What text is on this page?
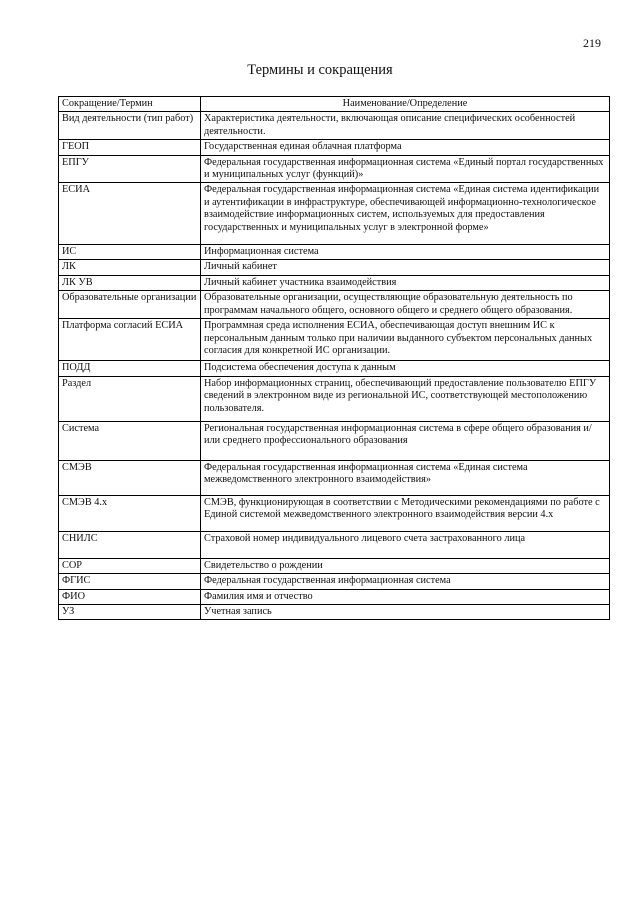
219
Термины и сокращения
Сокращение/Термин	Наименование/Определение
Вид деятельности (тип работ)	Характеристика деятельности, включающая описание специфических особенностей деятельности.
ГЕОП	Государственная единая облачная платформа
ЕПГУ	Федеральная государственная информационная система «Единый портал государственных и муниципальных услуг (функций)»
ЕСИА	Федеральная государственная информационная система «Единая система идентификации и аутентификации в инфраструктуре, обеспечивающей информационно-технологическое взаимодействие информационных систем, используемых для предоставления государственных и муниципальных услуг в электронной форме»
ИС	Информационная система
ЛК	Личный кабинет
ЛК УВ	Личный кабинет участника взаимодействия
Образовательные организации	Образовательные организации, осуществляющие образовательную деятельность по программам начального общего, основного общего и среднего общего образования.
Платформа согласий ЕСИА	Программная среда исполнения ЕСИА, обеспечивающая доступ внешним ИС к персональным данным только при наличии выданного субъектом персональных данных согласия для конкретной ИС организации.
ПОДД	Подсистема обеспечения доступа к данным
Раздел	Набор информационных страниц, обеспечивающий предоставление пользователю ЕПГУ сведений в электронном виде из региональной ИС, соответствующей местоположению пользователя.
Система	Региональная государственная информационная система в сфере общего образования и/или среднего профессионального образования
СМЭВ	Федеральная государственная информационная система «Единая система межведомственного электронного взаимодействия»
СМЭВ 4.х	СМЭВ, функционирующая в соответствии с Методическими рекомендациями по работе с Единой системой межведомственного электронного взаимодействия версии 4.х
СНИЛС	Страховой номер индивидуального лицевого счета застрахованного лица
СОР	Свидетельство о рождении
ФГИС	Федеральная государственная информационная система
ФИО	Фамилия имя и отчество
УЗ	Учетная запись
